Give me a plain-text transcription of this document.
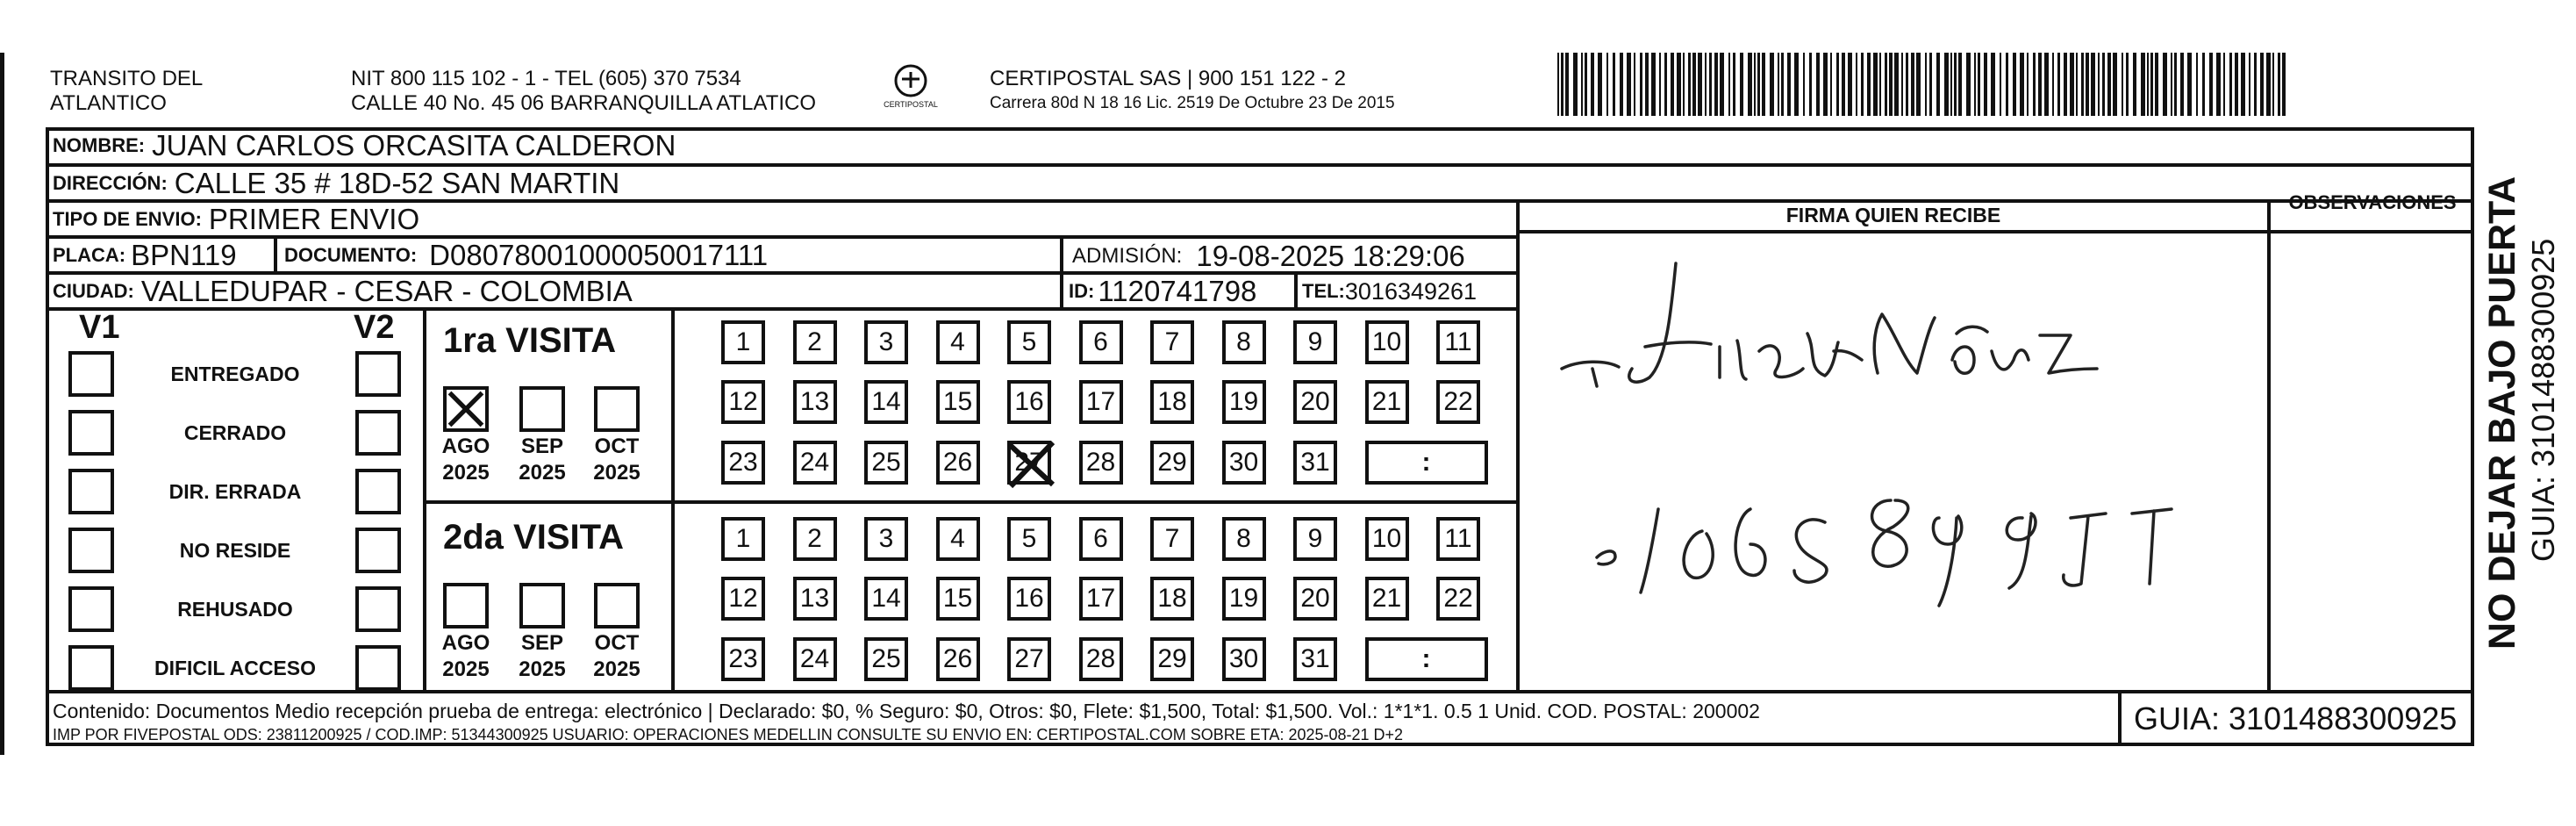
TRANSITO DEL
ATLANTICO
NIT 800 115 102 - 1 - TEL (605) 370 7534
CALLE 40 No. 45 06 BARRANQUILLA ATLATICO	CERTIPOSTAL
CERTIPOSTAL SAS | 900 151 122 - 2
Carrera 80d N 18 16 Lic. 2519 De Octubre 23 De 2015
NOMBRE: JUAN CARLOS ORCASITA CALDERON
DIRECCIÓN: CALLE 35 # 18D-52 SAN MARTIN
TIPO DE ENVIO: PRIMER ENVIO
PLACA: BPN119 DOCUMENTO: D08078001000050017111	ADMISIÓN: 19-08-2025 18:29:06
CIUDAD: VALLEDUPAR - CESAR - COLOMBIA	ID: 1120741798 TEL: 3016349261
FIRMA QUIEN RECIBE
OBSERVACIONES NO DEJAR BAJO PUERTA GUIA: 3101488300925
V1	V2
ENTREGADO
CERRADO
DIR. ERRADA
NO RESIDE
REHUSADO
DIFICIL ACCESO
1ra VISITA
AGO
2025
SEP
2025
OCT
2025
1 2 3 4 5 6 7 8 9 10 11
12 13 14 15 16 17 18 19 20 21 22
23 24 25 26 27 28 29 30 31	:
2da VISITA
AGO
2025
SEP
2025
OCT
2025
1 2 3 4 5 6 7 8 9 10 11
12 13 14 15 16 17 18 19 20 21 22
23 24 25 26 27 28 29 30 31	:
Contenido: Documentos Medio recepción prueba de entrega: electrónico | Declarado: $0, % Seguro: $0, Otros: $0, Flete: $1,500, Total: $1,500. Vol.: 1*1*1. 0.5 1 Unid. COD. POSTAL: 200002
IMP POR FIVEPOSTAL ODS: 23811200925 / COD.IMP: 51344300925 USUARIO: OPERACIONES MEDELLIN CONSULTE SU ENVIO EN: CERTIPOSTAL.COM SOBRE ETA: 2025-08-21 D+2	GUIA: 3101488300925
